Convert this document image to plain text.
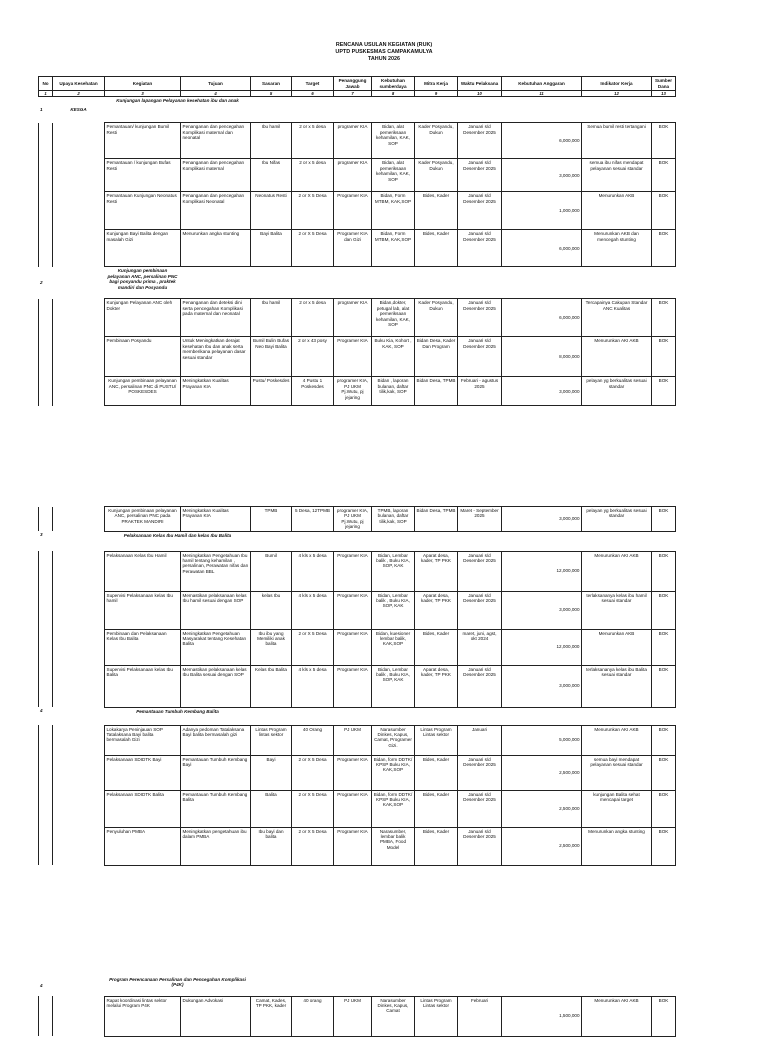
RENCANA USULAN KEGIATAN (RUK)
UPTD PUSKESMAS CAMPAKAMULYA
TAHUN 2026
No	Upaya Kesehatan	Kegiatan	Tujuan	Sasaran	Target	Penanggung Jawab	Kebutuhan sumberdaya	Mitra Kerja	Waktu Pelaksana	Kebutuhan Anggaran	Indikator Kerja	Sumber Dana
1	2	3	4	5	6	7	8	9	10	11	12	13
1	KESGA	Kunjungan lapangan Pelayanan kesehatan ibu dan anak										
		Pemantauan/ kunjungan Bumil Resti	Penanganan dan pencegahan Komplikasi maternal dan neonatal	Ibu hamil	2 or x 5 desa	programer KIA	Bidan, alat pemeriksaan kehamilan, KAK, SOP	Kader Posyandu, Dukun	Januari s/d Desember 2025	6,000,000	Semua bumil resti tertangani	BOK
		Pemantauan / kunjungan Bufas Resti	Penanganan dan pencegahan Komplikasi maternal	Ibu Nifas	2 or x 5 desa	programer KIA	Bidan, alat pemeriksaan kehamilan, KAK, SOP	Kader Posyandu, Dukun	Januari s/d Desember 2025	3,000,000	semua ibu nifas mendapat pelayanan sesuai standar	BOK
		Pemantauan Kunjungan Neonatus Resti	Penanganan dan pencegahan Komplikasi Neonatal	Neonatus Resti	2 or X 5 Desa	Programer KIA	Bidan, Form MTBM, KAK,SOP	Bides, Kader	Januari s/d Desember 2025	1,000,000	Menurunkan AKB	BOK
		Kunjungan Bayi Balita dengan masalah Gizi	Menurunkan angka stunting	Bayi Balita	2 or X 5 Desa	Programer KIA dan Gizi	Bidan, Form MTBM, KAK,SOP	Bides, Kader	Januari s/d Desember 2025	6,000,000	Menurunkan AKB dan mencegah stunting	BOK
2		Kunjungan pembinaan pelayanan ANC, persalinan PNC bagi posyandu prima , praktek mandiri dan Posyandu										
		Kunjungan Pelayanan ANC oleh Dokter	Penanganan dan deteksi dini serta pencegahan Komplikasi pada maternal dan neonatal	Ibu hamil	2 or x 5 desa	programer KIA	Bidan,dokter, petugal lab, alat pemeriksaan kehamilan, KAK, SOP	Kader Posyandu, Dukun	Januari s/d Desember 2025	6,000,000	Tercapainya Cakupan Standar ANC Kualitas	BOK
		Pembinaan Posyandu	Untuk Meningkatkan derajat kesehatan Ibu dan anak serta memberikana pelayanan dasar sesuai standar	Bumil Bulin Bufas Neo Bayi Balita	2 or x 43 posy	Programer KIA	Buku Kia, Kohort , KAK, SOP	Bidan Desa, Kader Dan Program	Januari s/d Desember 2025	8,000,000	Menurunkan AKI AKB	BOK
		Kunjungan pembinaan pelayanan ANC, persalinan PNC di PUSTU/ POSKESDES	Meningkatkan Kualitas Prayanan KIA	Pustu/ Poskesdes	4 Pustu 1 Poskesdes	programer KIA, PJ UKM Pj.Wutu, pj jejaring	Bidan , laporan bulanan, daftar tilik,kak, SOP	Bidan Desa, TPMB	Februari - agustus 2025	3,000,000	pelayan yg berkualitas sesuai standar	BOK
		Kunjungan pembinaan pelayanan ANC, persalinan PNC pada PRAKTEK MANDIRI	Meningkatkan Kualitas Prayanan KIA	TPMB	5 Desa, 12TPMB	programer KIA, PJ UKM Pj.Wutu, pj jejaring	TPMB, laporan bulanan, daftar tilik,kak, SOP	Bidan Desa, TPMB	Maret - September 2025	3,000,000	pelayan yg berkualitas sesuai standar	BOK
3		Pelaksanaan Kelas Ibu Hamil dan kelas Ibu Balita										
		Pelaksanaan Kelas Ibu Hamil	Meningkatkan Pengetahuan Ibu hamil tentang kehamilan , persalinan, Perawatan nifas dan Perawatan BBL	Bumil	4 kls x 5 desa	Programer KIA	Bidan, Lembar balik , Buku KIA, SOP, KAK	Aparat desa, kader, TP PKK	Januari s/d Desember 2025	12,000,000	Menurunkan AKI AKB	BOK
		Supervisi Pelaksanaan kelas Ibu hamil	Memastikan pelaksanaan kelas Ibu hamil sesuai dengan SOP	kelas Ibu	4 kls x 5 desa	Programer KIA	Bidan, Lembar balik , Buku KIA, SOP, KAK	Aparat desa, kader, TP PKK	Januari s/d Desember 2025	3,000,000	terlaksananya kelas ibu hamil sesuai standar	BOK
		Pembinaan dan Pelaksanaan Kelas Ibu Balita	Meningkatkan Pengetahuan Masyarakat tentang Kesehatan Balita	Ibu ibu yang Memiliki anak balita	2 or X 5 Desa	Programer KIA	Bidan, kuesioner lembar balik, KAK,SOP	Bides, Kader	maret, juni, agst, okt 2024	12,000,000	Menurunkan AKB	BOK
		Supervisi Pelaksanaan kelas Ibu Balita	Memastikan pelaksanaan kelas Ibu Balita sesuai dengan SOP	Kelas Ibu Balita	4 kls x 5 desa	Programer KIA	Bidan, Lembar balik , Buku KIA, SOP, KAK	Aparat desa, kader, TP PKK	Januari s/d Desember 2025	3,000,000	terlaksananya kelas ibu Balita sesuai standar	BOK
4		Pemantauan Tumbuh Kembang Balita										
		Lokakarya Peninjauan SOP Tatalaksana Bayi balita bermasalah Gizi	Adanya pedoman Tatalaksana Bayi balita bermasalah gizi	Lintas Program lintas sektor	40 Orang	PJ UKM	Narasumber Dinkes, Kapus, Camat, Programer Gizi.	Lintas Program Lintas sektor	Januari	5,000,000	Menurunkan AKI AKB	BOK
		Pelaksanaan SDIDTK Bayi	Pemantauan Tumbuh Kembang Bayi	Bayi	2 or X 5 Desa	Programer KIA	Bidan, form DDTK/ KPSP Buku KIA, KAK,SOP	Bides, Kader	Januari s/d Desember 2025	2,500,000	semua bayi mendapat pelayanan sesuai standar	BOK
		Pelaksanaan SDIDTK Balita	Pemantauan Tumbuh Kembang Balita	Balita	2 or X 5 Desa	Programer KIA	Bidan, form DDTK/ KPSP Buku KIA, KAK,SOP	Bides, Kader	Januari s/d Desember 2025	2,500,000	kunjungan Balita sehat mencapai target	BOK
		Penyuluhan PMBA	Meningkatkan pengetahuan ibu dalam PMBA	Ibu bayi dan balita	2 or X 5 Desa	Programer KIA	Narasumber, lembar balik PMBA, Food Model	Bides, Kader	Januari s/d Desember 2025	2,500,000	Menurunkan angka stunting	BOK
4		Program Perencanaan Persalinan dan Pencegahan Komplikasi (P4K)										
		Rapat koordinasi lintas sektor melalui Program P4K	Dukungan Advokasi	Camat, Kades, TP PKK, kader	40 orang	PJ UKM	Narasumber Dinkes, Kapus, Camat	Lintas Program Lintas sektor	Februari	1,500,000	Menurunkan AKI AKB	BOK
